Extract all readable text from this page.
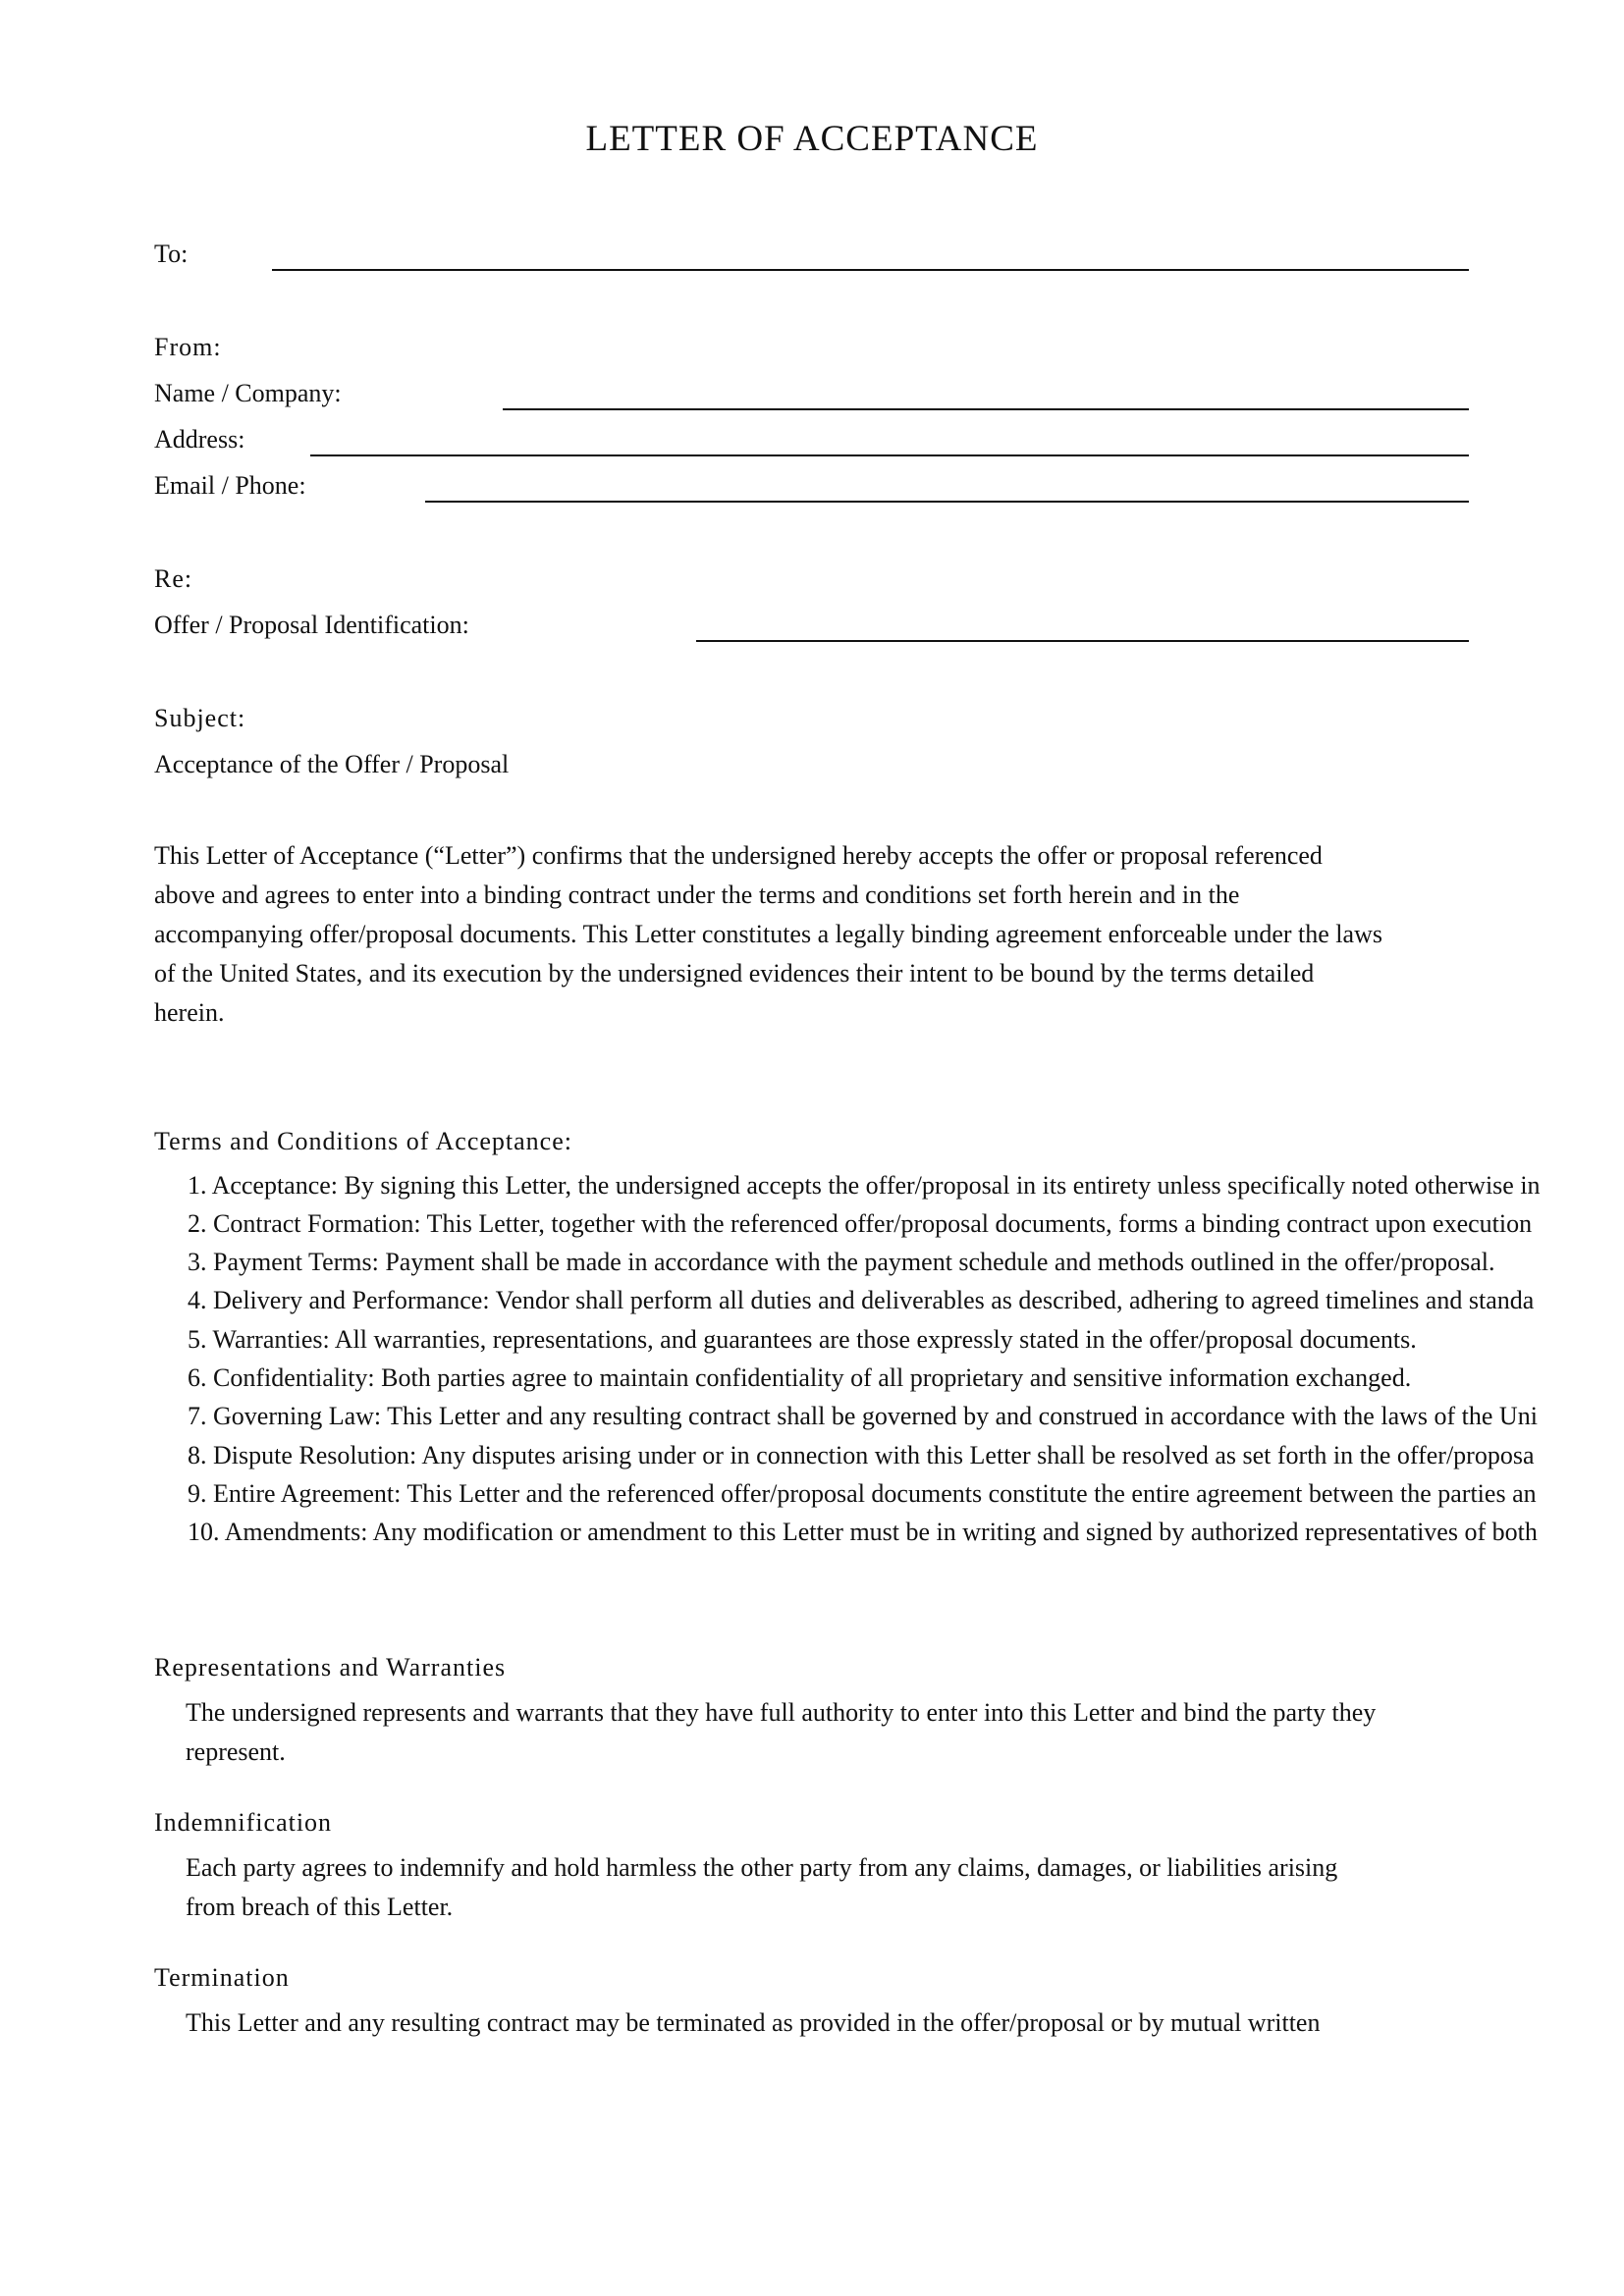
LETTER OF ACCEPTANCE
To:
From:
Name / Company:
Address:
Email / Phone:
Re:
Offer / Proposal Identification:
Subject:
Acceptance of the Offer / Proposal
This Letter of Acceptance (“Letter”) confirms that the undersigned hereby accepts the offer or proposal referenced
above and agrees to enter into a binding contract under the terms and conditions set forth herein and in the
accompanying offer/proposal documents. This Letter constitutes a legally binding agreement enforceable under the laws
of the United States, and its execution by the undersigned evidences their intent to be bound by the terms detailed
herein.
Terms and Conditions of Acceptance:
1. Acceptance: By signing this Letter, the undersigned accepts the offer/proposal in its entirety unless specifically noted otherwise in
2. Contract Formation: This Letter, together with the referenced offer/proposal documents, forms a binding contract upon execution
3. Payment Terms: Payment shall be made in accordance with the payment schedule and methods outlined in the offer/proposal.
4. Delivery and Performance: Vendor shall perform all duties and deliverables as described, adhering to agreed timelines and standa
5. Warranties: All warranties, representations, and guarantees are those expressly stated in the offer/proposal documents.
6. Confidentiality: Both parties agree to maintain confidentiality of all proprietary and sensitive information exchanged.
7. Governing Law: This Letter and any resulting contract shall be governed by and construed in accordance with the laws of the Uni
8. Dispute Resolution: Any disputes arising under or in connection with this Letter shall be resolved as set forth in the offer/proposa
9. Entire Agreement: This Letter and the referenced offer/proposal documents constitute the entire agreement between the parties an
10. Amendments: Any modification or amendment to this Letter must be in writing and signed by authorized representatives of both
Representations and Warranties
The undersigned represents and warrants that they have full authority to enter into this Letter and bind the party they
represent.
Indemnification
Each party agrees to indemnify and hold harmless the other party from any claims, damages, or liabilities arising
from breach of this Letter.
Termination
This Letter and any resulting contract may be terminated as provided in the offer/proposal or by mutual written
